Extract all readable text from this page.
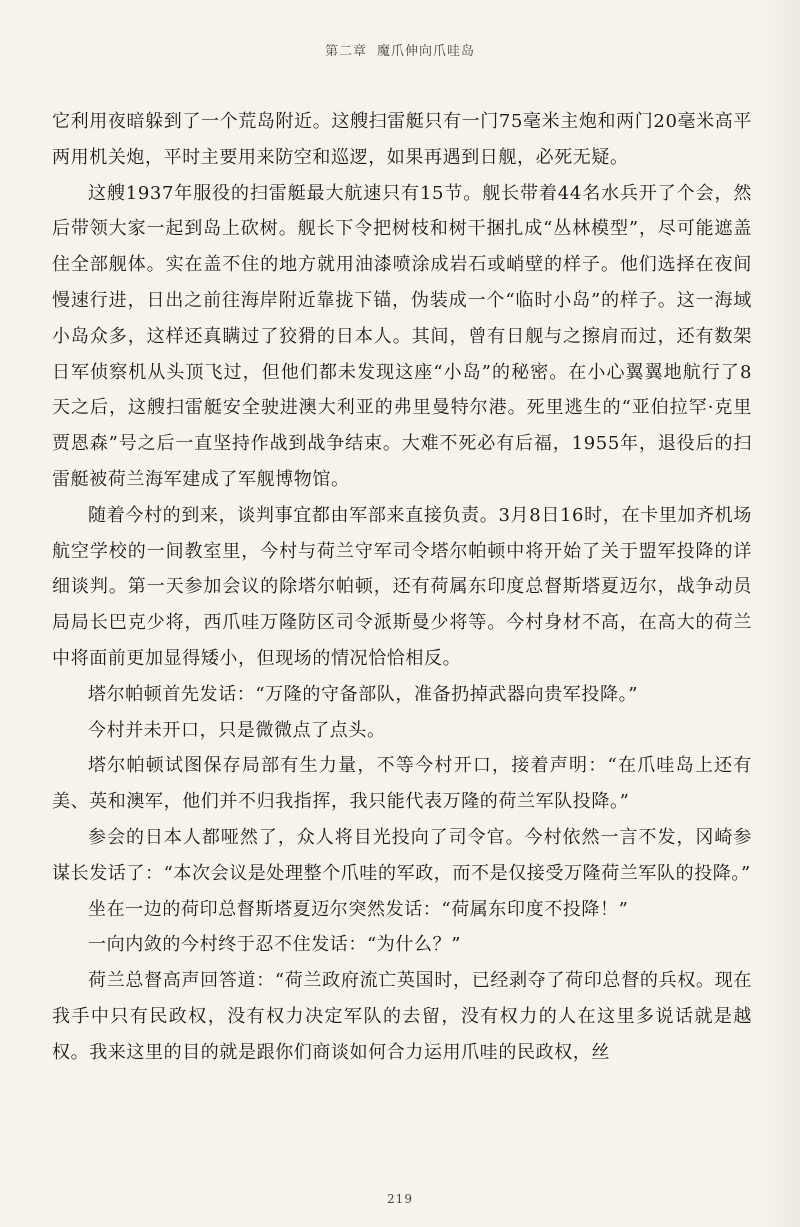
第二章 魔爪伸向爪哇岛

它利用夜暗躲到了一个荒岛附近。这艘扫雷艇只有一门75毫米主炮和两门20毫米高平两用机关炮，平时主要用来防空和巡逻，如果再遇到日舰，必死无疑。

这艘1937年服役的扫雷艇最大航速只有15节。舰长带着44名水兵开了个会，然后带领大家一起到岛上砍树。舰长下令把树枝和树干捆扎成“丛林模型”，尽可能遮盖住全部舰体。实在盖不住的地方就用油漆喷涂成岩石或峭壁的样子。他们选择在夜间慢速行进，日出之前往海岸附近靠拢下锚，伪装成一个“临时小岛”的样子。这一海域小岛众多，这样还真瞒过了狡猾的日本人。其间，曾有日舰与之擦肩而过，还有数架日军侦察机从头顶飞过，但他们都未发现这座“小岛”的秘密。在小心翼翼地航行了8天之后，这艘扫雷艇安全驶进澳大利亚的弗里曼特尔港。死里逃生的“亚伯拉罕·克里贾恩森”号之后一直坚持作战到战争结束。大难不死必有后福，1955年，退役后的扫雷艇被荷兰海军建成了军舰博物馆。

随着今村的到来，谈判事宜都由军部来直接负责。3月8日16时，在卡里加齐机场航空学校的一间教室里，今村与荷兰守军司令塔尔帕顿中将开始了关于盟军投降的详细谈判。第一天参加会议的除塔尔帕顿，还有荷属东印度总督斯塔夏迈尔，战争动员局局长巴克少将，西爪哇万隆防区司令派斯曼少将等。今村身材不高，在高大的荷兰中将面前更加显得矮小，但现场的情况恰恰相反。

塔尔帕顿首先发话：“万隆的守备部队，准备扔掉武器向贵军投降。”

今村并未开口，只是微微点了点头。

塔尔帕顿试图保存局部有生力量，不等今村开口，接着声明：“在爪哇岛上还有美、英和澳军，他们并不归我指挥，我只能代表万隆的荷兰军队投降。”

参会的日本人都哑然了，众人将目光投向了司令官。今村依然一言不发，冈崎参谋长发话了：“本次会议是处理整个爪哇的军政，而不是仅接受万隆荷兰军队的投降。”

坐在一边的荷印总督斯塔夏迈尔突然发话：“荷属东印度不投降！”

一向内敛的今村终于忍不住发话：“为什么？”

荷兰总督高声回答道：“荷兰政府流亡英国时，已经剥夺了荷印总督的兵权。现在我手中只有民政权，没有权力决定军队的去留，没有权力的人在这里多说话就是越权。我来这里的目的就是跟你们商谈如何合力运用爪哇的民政权，丝

219
